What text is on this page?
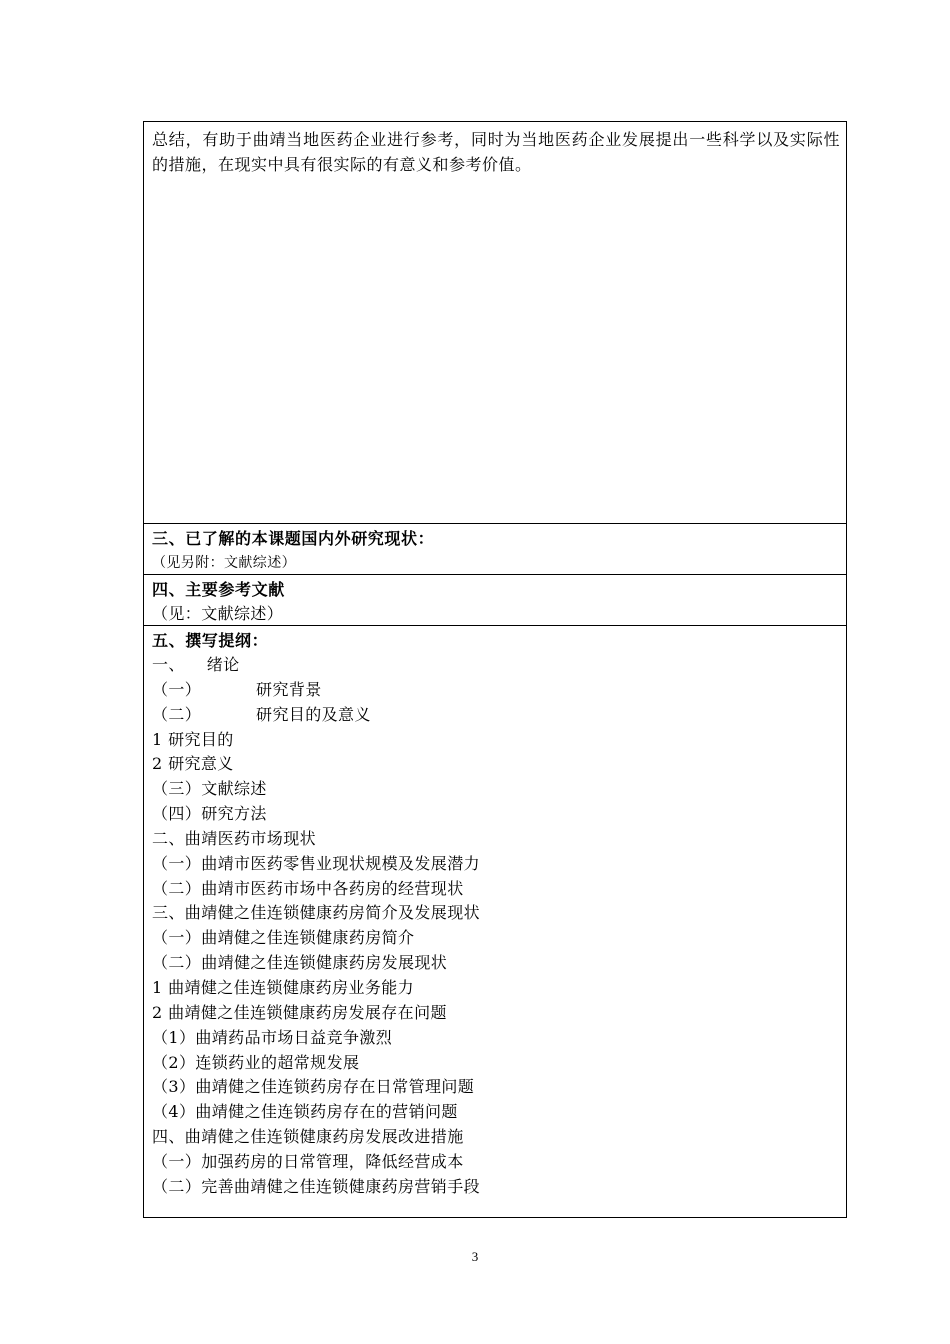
总结，有助于曲靖当地医药企业进行参考，同时为当地医药企业发展提出一些科学以及实际性的措施，在现实中具有很实际的有意义和参考价值。

三、已了解的本课题国内外研究现状：

（见另附：文献综述）

四、主要参考文献

（见：文献综述）

五、撰写提纲：

一、    绪论

（一）          研究背景

（二）          研究目的及意义

1 研究目的

2 研究意义

（三）文献综述

（四）研究方法

二、曲靖医药市场现状

（一）曲靖市医药零售业现状规模及发展潜力

（二）曲靖市医药市场中各药房的经营现状

三、曲靖健之佳连锁健康药房简介及发展现状

（一）曲靖健之佳连锁健康药房简介

（二）曲靖健之佳连锁健康药房发展现状

1 曲靖健之佳连锁健康药房业务能力

2 曲靖健之佳连锁健康药房发展存在问题

（1）曲靖药品市场日益竞争激烈

（2）连锁药业的超常规发展

（3）曲靖健之佳连锁药房存在日常管理问题

（4）曲靖健之佳连锁药房存在的营销问题

四、曲靖健之佳连锁健康药房发展改进措施

（一）加强药房的日常管理，降低经营成本

（二）完善曲靖健之佳连锁健康药房营销手段

3
